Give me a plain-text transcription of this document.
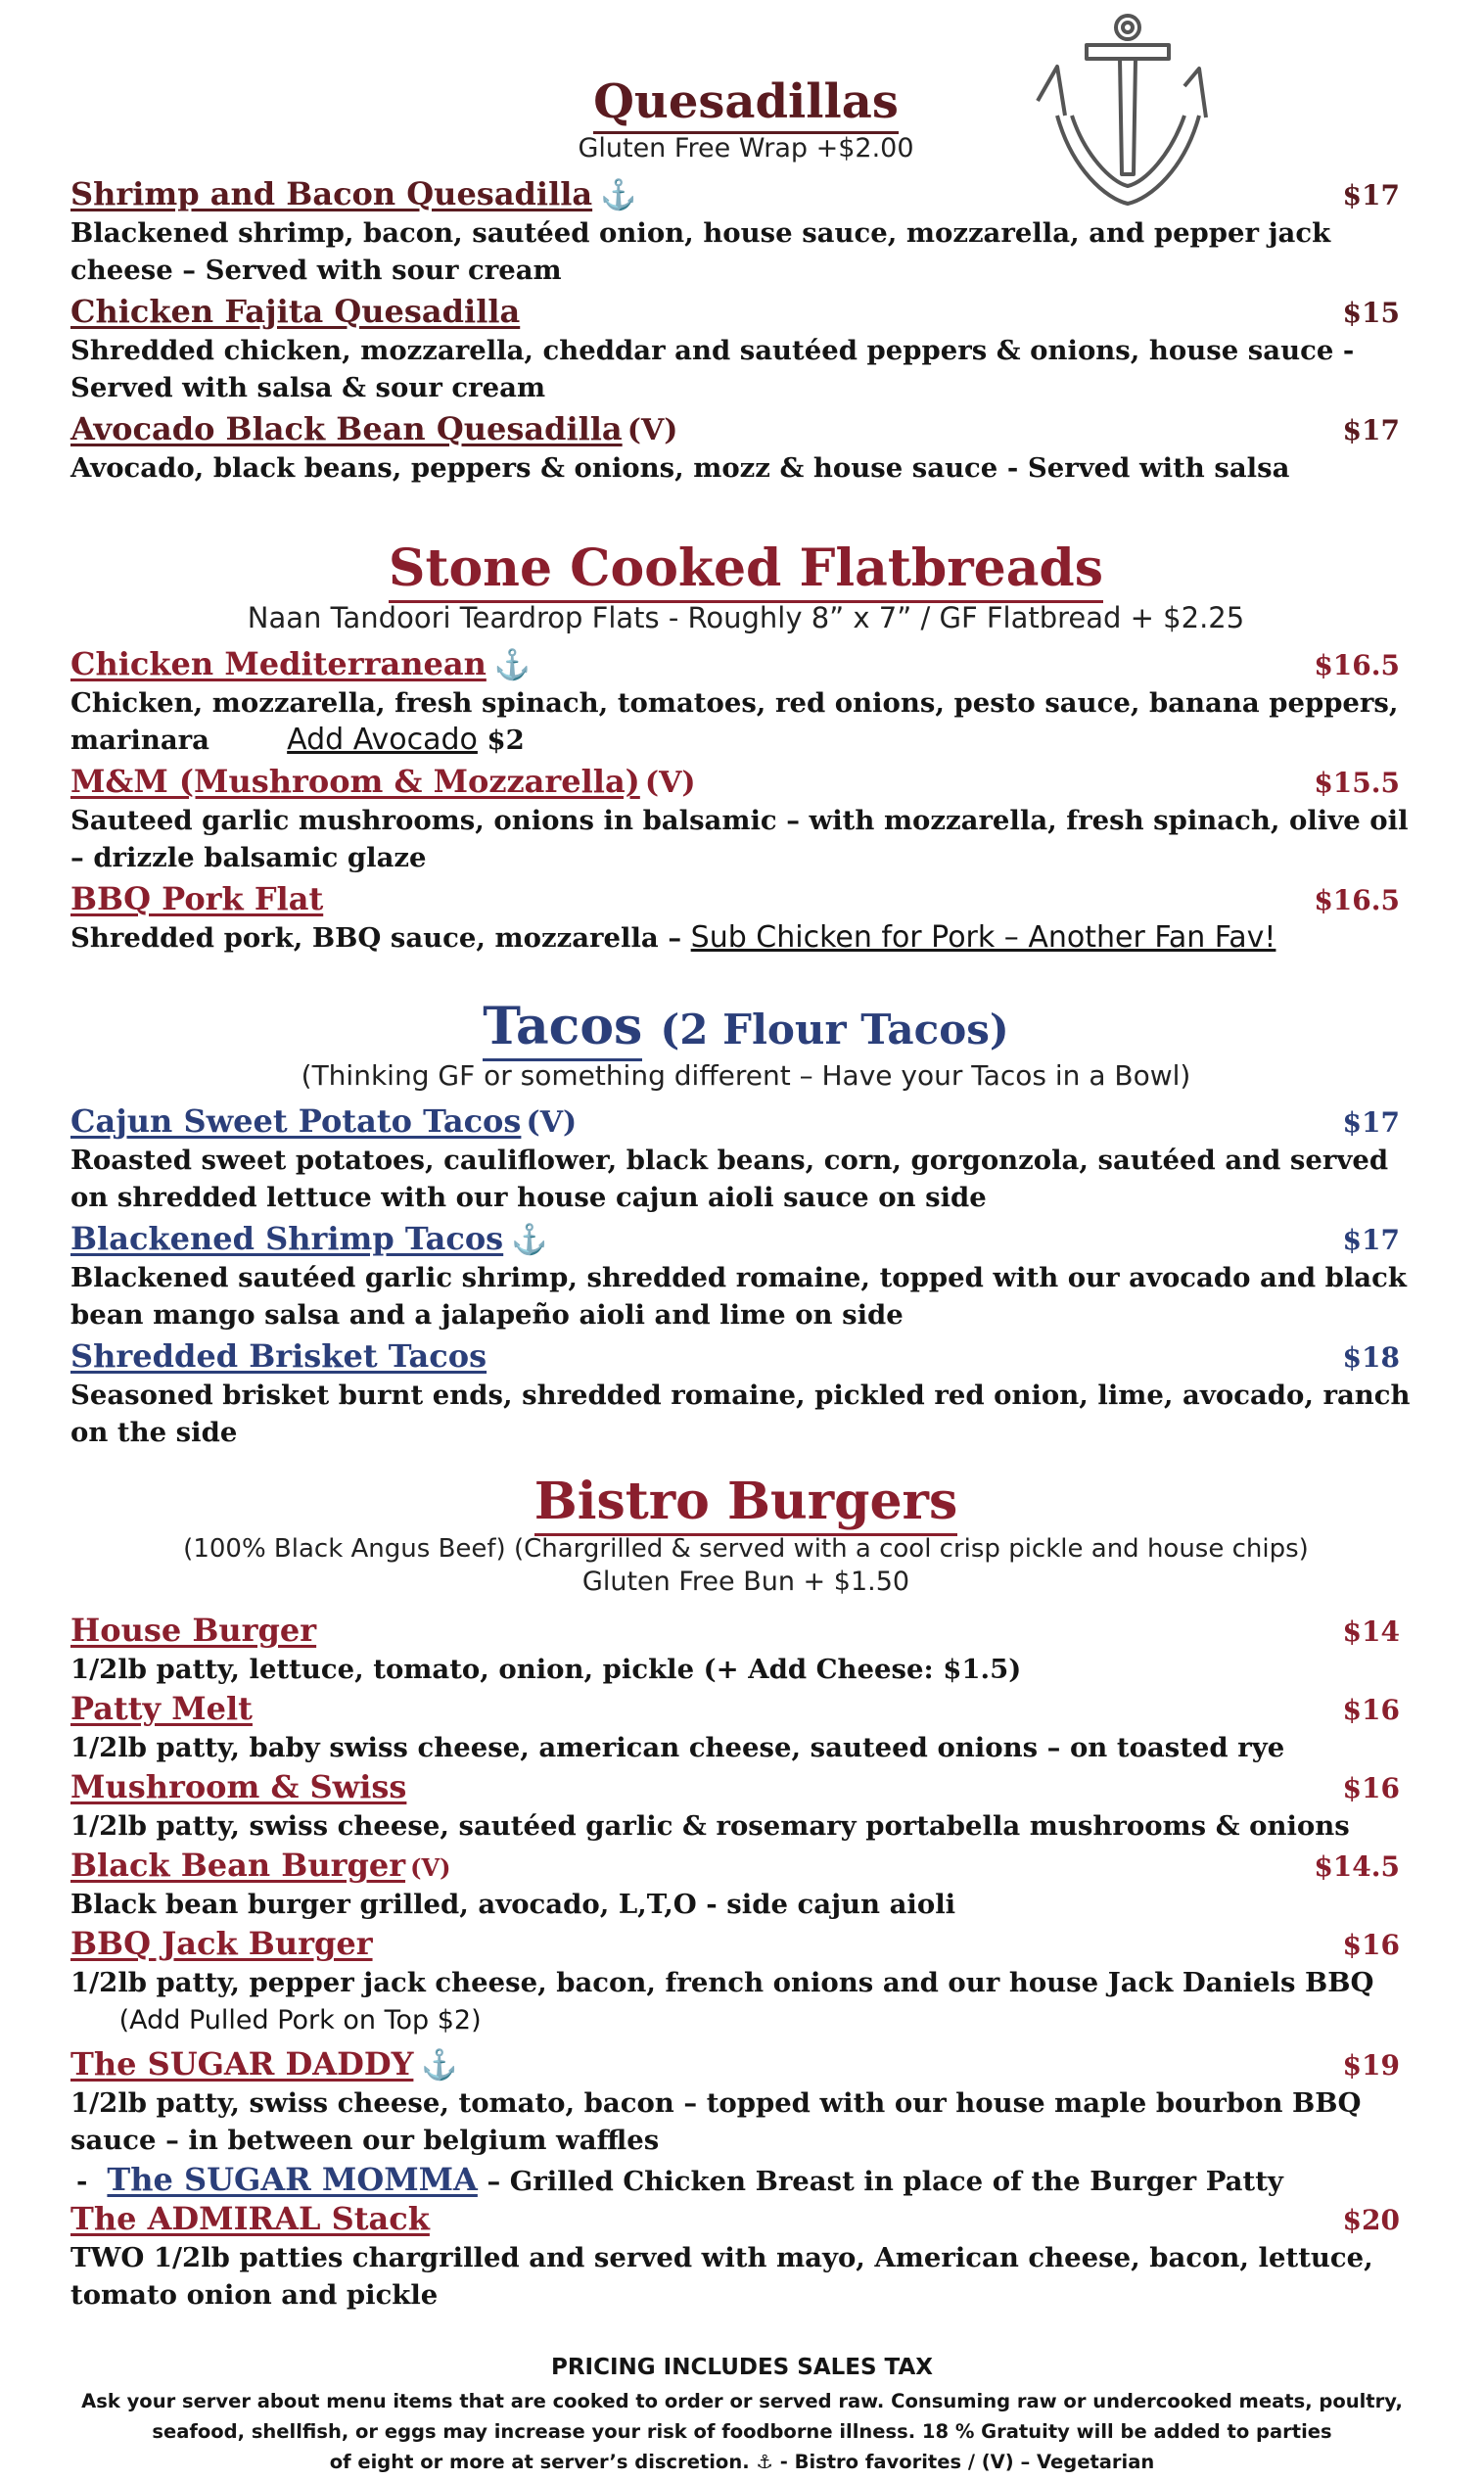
Quesadillas

Gluten Free Wrap +$2.00

Shrimp and Bacon Quesadilla ⚓	$17

Blackened shrimp, bacon, sautéed onion, house sauce, mozzarella, and pepper jack cheese – Served with sour cream

Chicken Fajita Quesadilla	$15

Shredded chicken, mozzarella, cheddar and sautéed peppers & onions, house sauce - Served with salsa & sour cream

Avocado Black Bean Quesadilla (V)	$17

Avocado, black beans, peppers & onions, mozz & house sauce - Served with salsa

Stone Cooked Flatbreads

Naan Tandoori Teardrop Flats - Roughly 8” x 7” / GF Flatbread + $2.25

Chicken Mediterranean ⚓	$16.5

Chicken, mozzarella, fresh spinach, tomatoes, red onions, pesto sauce, banana peppers, marinara	Add Avocado $2

M&M (Mushroom & Mozzarella) (V)	$15.5

Sauteed garlic mushrooms, onions in balsamic – with mozzarella, fresh spinach, olive oil – drizzle balsamic glaze

BBQ Pork Flat	$16.5

Shredded pork, BBQ sauce, mozzarella – Sub Chicken for Pork – Another Fan Fav!

Tacos (2 Flour Tacos)

(Thinking GF or something different – Have your Tacos in a Bowl)

Cajun Sweet Potato Tacos (V)	$17

Roasted sweet potatoes, cauliflower, black beans, corn, gorgonzola, sautéed and served on shredded lettuce with our house cajun aioli sauce on side

Blackened Shrimp Tacos ⚓	$17

Blackened sautéed garlic shrimp, shredded romaine, topped with our avocado and black bean mango salsa and a jalapeño aioli and lime on side

Shredded Brisket Tacos	$18

Seasoned brisket burnt ends, shredded romaine, pickled red onion, lime, avocado, ranch on the side

Bistro Burgers

(100% Black Angus Beef) (Chargrilled & served with a cool crisp pickle and house chips)

Gluten Free Bun + $1.50

House Burger	$14

1/2lb patty, lettuce, tomato, onion, pickle (+ Add Cheese: $1.5)

Patty Melt	$16

1/2lb patty, baby swiss cheese, american cheese, sauteed onions – on toasted rye

Mushroom & Swiss	$16

1/2lb patty, swiss cheese, sautéed garlic & rosemary portabella mushrooms & onions

Black Bean Burger (V)	$14.5

Black bean burger grilled, avocado, L,T,O - side cajun aioli

BBQ Jack Burger	$16

1/2lb patty, pepper jack cheese, bacon, french onions and our house Jack Daniels BBQ  (Add Pulled Pork on Top $2)

The SUGAR DADDY ⚓	$19

1/2lb patty, swiss cheese, tomato, bacon – topped with our house maple bourbon BBQ sauce – in between our belgium waffles

- The SUGAR MOMMA – Grilled Chicken Breast in place of the Burger Patty

The ADMIRAL Stack	$20

TWO 1/2lb patties chargrilled and served with mayo, American cheese, bacon, lettuce, tomato onion and pickle

PRICING INCLUDES SALES TAX

Ask your server about menu items that are cooked to order or served raw. Consuming raw or undercooked meats, poultry,

seafood, shellfish, or eggs may increase your risk of foodborne illness. 18 % Gratuity will be added to parties

of eight or more at server’s discretion. ⚓ - Bistro favorites / (V) – Vegetarian
